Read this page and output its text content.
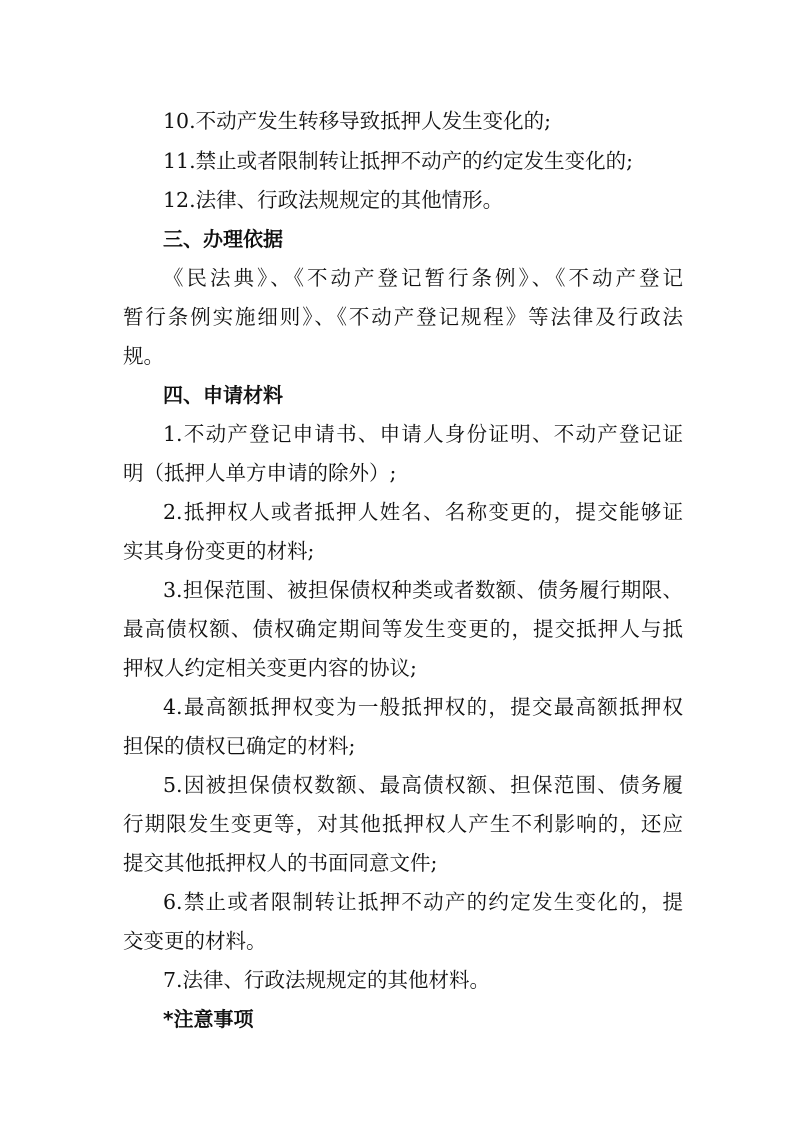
10.不动产发生转移导致抵押人发生变化的;
11.禁止或者限制转让抵押不动产的约定发生变化的;
12.法律、行政法规规定的其他情形。
三、办理依据
《民法典》、《不动产登记暂行条例》、《不动产登记
暂行条例实施细则》、《不动产登记规程》等法律及行政法
规。
四、申请材料
1.不动产登记申请书、申请人身份证明、不动产登记证
明（抵押人单方申请的除外）;
2.抵押权人或者抵押人姓名、名称变更的，提交能够证
实其身份变更的材料;
3.担保范围、被担保债权种类或者数额、债务履行期限、
最高债权额、债权确定期间等发生变更的，提交抵押人与抵
押权人约定相关变更内容的协议;
4.最高额抵押权变为一般抵押权的，提交最高额抵押权
担保的债权已确定的材料;
5.因被担保债权数额、最高债权额、担保范围、债务履
行期限发生变更等，对其他抵押权人产生不利影响的，还应
提交其他抵押权人的书面同意文件;
6.禁止或者限制转让抵押不动产的约定发生变化的，提
交变更的材料。
7.法律、行政法规规定的其他材料。
*注意事项
